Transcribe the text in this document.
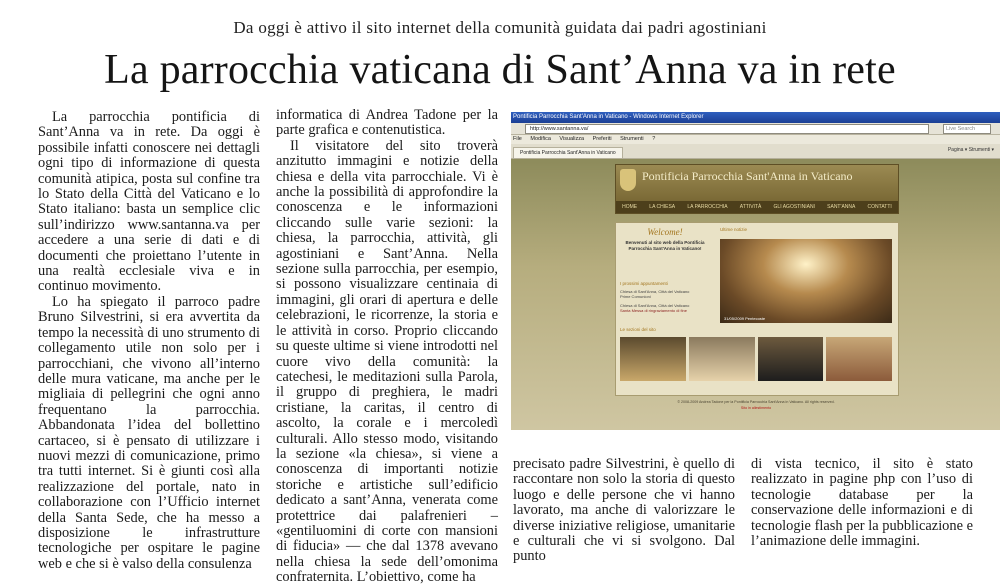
Da oggi è attivo il sito internet della comunità guidata dai padri agostiniani
La parrocchia vaticana di Sant’Anna va in rete

La parrocchia pontificia di Sant’Anna va in rete. Da oggi è possibile infatti conoscere nei dettagli ogni tipo di informazione di questa comunità atipica, posta sul confine tra lo Stato della Città del Vaticano e lo Stato italiano: basta un semplice clic sull’indirizzo www.santanna.va per accedere a una serie di dati e di documenti che proiettano l’utente in una realtà ecclesiale viva e in continuo movimento.

Lo ha spiegato il parroco padre Bruno Silvestrini, si era avvertita da tempo la necessità di uno strumento di collegamento utile non solo per i parrocchiani, che vivono all’interno delle mura vaticane, ma anche per le migliaia di pellegrini che ogni anno frequentano la parrocchia. Abbandonata l’idea del bollettino cartaceo, si è pensato di utilizzare i nuovi mezzi di comunicazione, primo tra tutti internet. Si è giunti così alla realizzazione del portale, nato in collaborazione con l’Ufficio internet della Santa Sede, che ha messo a disposizione le infrastrutture tecnologiche per ospitare le pagine web e che si è valso della consulenza

informatica di Andrea Tadone per la parte grafica e contenutistica.

Il visitatore del sito troverà anzitutto immagini e notizie della chiesa e della vita parrocchiale. Vi è anche la possibilità di approfondire la conoscenza e le informazioni cliccando sulle varie sezioni: la chiesa, la parrocchia, attività, gli agostiniani e Sant’Anna. Nella sezione sulla parrocchia, per esempio, si possono visualizzare centinaia di immagini, gli orari di apertura e delle celebrazioni, le ricorrenze, la storia e le attività in corso. Proprio cliccando su queste ultime si viene introdotti nel cuore vivo della comunità: la catechesi, le meditazioni sulla Parola, il gruppo di preghiera, le madri cristiane, la caritas, il centro di ascolto, la corale e i mercoledì culturali. Allo stesso modo, visitando la sezione «la chiesa», si viene a conoscenza di importanti notizie storiche e artistiche sull’edificio dedicato a sant’Anna, venerata come protettrice dai palafrenieri – «gentiluomini di corte con mansioni di fiducia» — che dal 1378 avevano nella chiesa la sede dell’omonima confraternita. L’obiettivo, come ha

precisato padre Silvestrini, è quello di raccontare non solo la storia di questo luogo e delle persone che vi hanno lavorato, ma anche di valorizzare le diverse iniziative religiose, umanitarie e culturali che vi si svolgono. Dal punto

di vista tecnico, il sito è stato realizzato in pagine php con l’uso di tecnologie database per la conservazione delle informazioni e di tecnologie flash per la pubblicazione e l’animazione delle immagini.

Pontificia Parrocchia Sant'Anna in Vaticano - Windows Internet Explorer
http://www.santanna.va/	Live Search
File Modifica Visualizza Preferiti Strumenti ?
Pontificia Parrocchia Sant'Anna in Vaticano	Pagina ▾ Strumenti ▾
Pontificia Parrocchia Sant'Anna in Vaticano
HOME LA CHIESA LA PARROCCHIA ATTIVITÀ GLI AGOSTINIANI SANT'ANNA CONTATTI
Welcome!
Benvenuti al sito web della Pontificia Parrocchia Sant'Anna in Vaticano!
I prossimi appuntamenti
Chiesa di Sant'Anna, Città del Vaticano
Prime Comunioni
Chiesa di Sant'Anna, Città del Vaticano
Santa Messa di ringraziamento di fine
Ultime notizie
31/05/2009 Pentecoste
Le sezioni del sito
© 2008-2009 Andrea Tadone per la Pontificia Parrocchia Sant'Anna in Vaticano. All rights reserved.
Sito in allestimento
